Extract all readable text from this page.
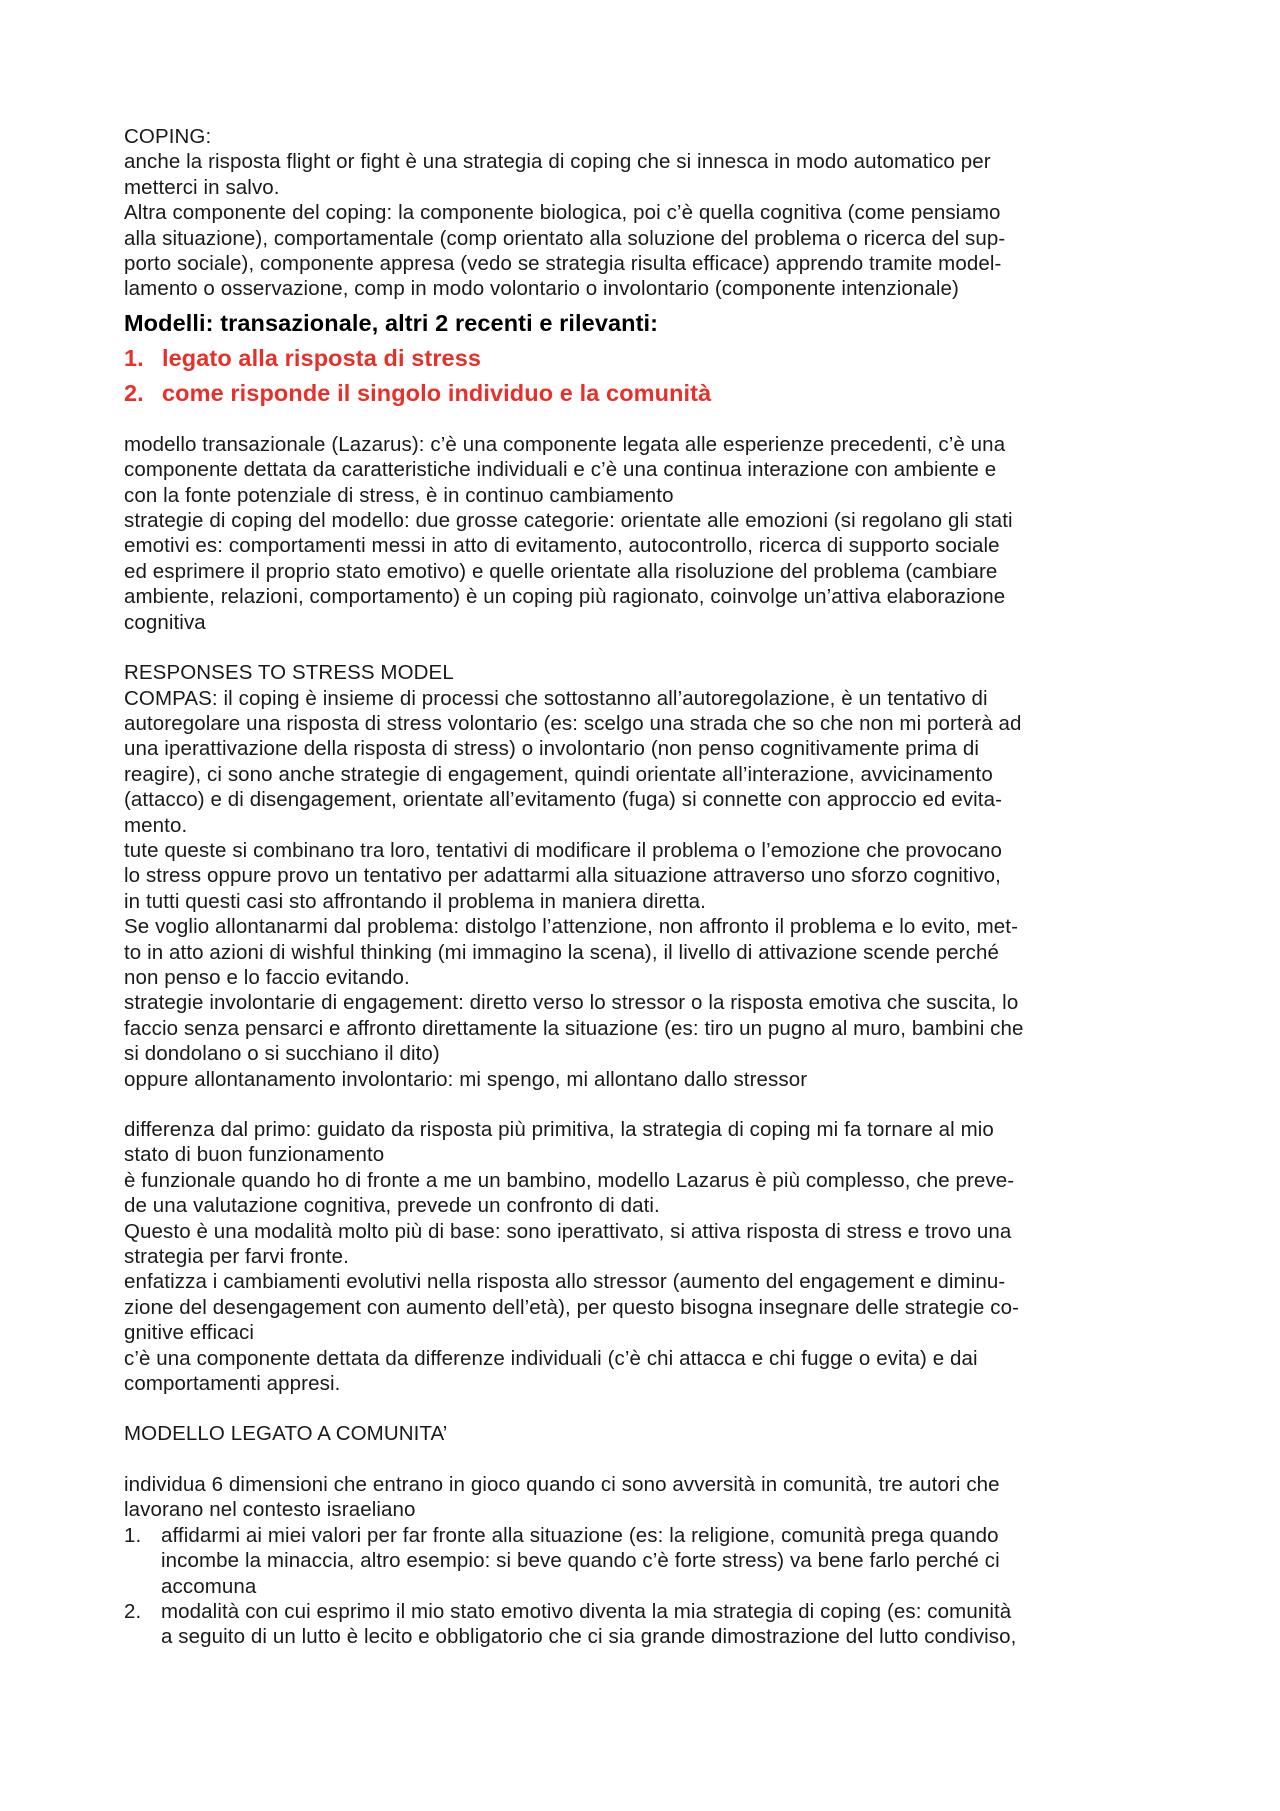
COPING:

anche la risposta flight or fight è una strategia di coping che si innesca in modo automatico per
metterci in salvo.

Altra componente del coping: la componente biologica, poi c’è quella cognitiva (come pensiamo
alla situazione), comportamentale (comp orientato alla soluzione del problema o ricerca del sup-
porto sociale), componente appresa (vedo se strategia risulta efficace) apprendo tramite model-
lamento o osservazione, comp in modo volontario o involontario (componente intenzionale)

Modelli: transazionale, altri 2 recenti e rilevanti:

1. legato alla risposta di stress
2. come risponde il singolo individuo e la comunità

modello transazionale (Lazarus): c’è una componente legata alle esperienze precedenti, c’è una
componente dettata da caratteristiche individuali e c’è una continua interazione con ambiente e
con la fonte potenziale di stress, è in continuo cambiamento

strategie di coping del modello: due grosse categorie: orientate alle emozioni (si regolano gli stati
emotivi es: comportamenti messi in atto di evitamento, autocontrollo, ricerca di supporto sociale
ed esprimere il proprio stato emotivo) e quelle orientate alla risoluzione del problema (cambiare
ambiente, relazioni, comportamento) è un coping più ragionato, coinvolge un’attiva elaborazione
cognitiva

RESPONSES TO STRESS MODEL

COMPAS: il coping è insieme di processi che sottostanno all’autoregolazione, è un tentativo di
autoregolare una risposta di stress volontario (es: scelgo una strada che so che non mi porterà ad
una iperattivazione della risposta di stress) o involontario (non penso cognitivamente prima di
reagire), ci sono anche strategie di engagement, quindi orientate all’interazione, avvicinamento
(attacco) e di disengagement, orientate all’evitamento (fuga) si connette con approccio ed evita-
mento.

tute queste si combinano tra loro, tentativi di modificare il problema o l’emozione che provocano
lo stress oppure provo un tentativo per adattarmi alla situazione attraverso uno sforzo cognitivo,
in tutti questi casi sto affrontando il problema in maniera diretta.

Se voglio allontanarmi dal problema: distolgo l’attenzione, non affronto il problema e lo evito, met-
to in atto azioni di wishful thinking (mi immagino la scena), il livello di attivazione scende perché
non penso e lo faccio evitando.

strategie involontarie di engagement: diretto verso lo stressor o la risposta emotiva che suscita, lo
faccio senza pensarci e affronto direttamente la situazione (es: tiro un pugno al muro, bambini che
si dondolano o si succhiano il dito)

oppure allontanamento involontario: mi spengo, mi allontano dallo stressor

differenza dal primo: guidato da risposta più primitiva, la strategia di coping mi fa tornare al mio
stato di buon funzionamento

è funzionale quando ho di fronte a me un bambino, modello Lazarus è più complesso, che preve-
de una valutazione cognitiva, prevede un confronto di dati.

Questo è una modalità molto più di base: sono iperattivato, si attiva risposta di stress e trovo una
strategia per farvi fronte.

enfatizza i cambiamenti evolutivi nella risposta allo stressor (aumento del engagement e diminu-
zione del desengagement con aumento dell’età), per questo bisogna insegnare delle strategie co-
gnitive efficaci

c’è una componente dettata da differenze individuali (c’è chi attacca e chi fugge o evita) e dai
comportamenti appresi.

MODELLO LEGATO A COMUNITA’

individua 6 dimensioni che entrano in gioco quando ci sono avversità in comunità, tre autori che
lavorano nel contesto israeliano

1. affidarmi ai miei valori per far fronte alla situazione (es: la religione, comunità prega quando
incombe la minaccia, altro esempio: si beve quando c’è forte stress) va bene farlo perché ci
accomuna
2. modalità con cui esprimo il mio stato emotivo diventa la mia strategia di coping (es: comunità
a seguito di un lutto è lecito e obbligatorio che ci sia grande dimostrazione del lutto condiviso,
